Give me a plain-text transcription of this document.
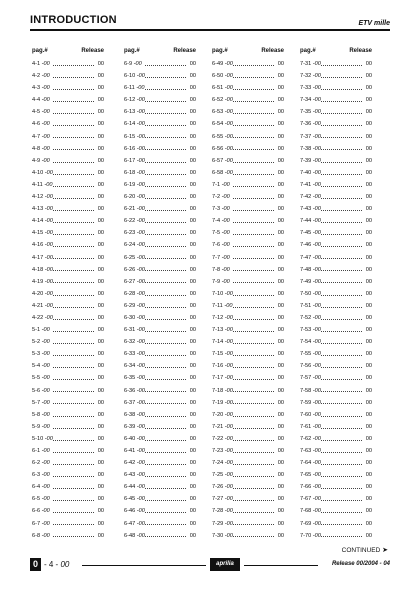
INTRODUCTION	ETV mille
pag.#	Release
4-1 -00	00
4-2 -00	00
4-3 -00	00
4-4 -00	00
4-5 -00	00
4-6 -00	00
4-7 -00	00
4-8 -00	00
4-9 -00	00
4-10 -00	00
4-11 -00	00
4-12 -00	00
4-13 -00	00
4-14 -00	00
4-15 -00	00
4-16 -00	00
4-17 -00	00
4-18 -00	00
4-19 -00	00
4-20 -00	00
4-21 -00	00
4-22 -00	00
5-1 -00	00
5-2 -00	00
5-3 -00	00
5-4 -00	00
5-5 -00	00
5-6 -00	00
5-7 -00	00
5-8 -00	00
5-9 -00	00
5-10 -00	00
6-1 -00	00
6-2 -00	00
6-3 -00	00
6-4 -00	00
6-5 -00	00
6-6 -00	00
6-7 -00	00
6-8 -00	00
pag.#	Release
6-9 -00	00
6-10 -00	00
6-11 -00	00
6-12 -00	00
6-13 -00	00
6-14 -00	00
6-15 -00	00
6-16 -00	00
6-17 -00	00
6-18 -00	00
6-19 -00	00
6-20 -00	00
6-21 -00	00
6-22 -00	00
6-23 -00	00
6-24 -00	00
6-25 -00	00
6-26 -00	00
6-27 -00	00
6-28 -00	00
6-29 -00	00
6-30 -00	00
6-31 -00	00
6-32 -00	00
6-33 -00	00
6-34 -00	00
6-35 -00	00
6-36 -00	00
6-37 -00	00
6-38 -00	00
6-39 -00	00
6-40 -00	00
6-41 -00	00
6-42 -00	00
6-43 -00	00
6-44 -00	00
6-45 -00	00
6-46 -00	00
6-47 -00	00
6-48 -00	00
pag.#	Release
6-49 -00	00
6-50 -00	00
6-51 -00	00
6-52 -00	00
6-53 -00	00
6-54 -00	00
6-55 -00	00
6-56 -00	00
6-57 -00	00
6-58 -00	00
7-1 -00	00
7-2 -00	00
7-3 -00	00
7-4 -00	00
7-5 -00	00
7-6 -00	00
7-7 -00	00
7-8 -00	00
7-9 -00	00
7-10 -00	00
7-11 -00	00
7-12 -00	00
7-13 -00	00
7-14 -00	00
7-15 -00	00
7-16 -00	00
7-17 -00	00
7-18 -00	00
7-19 -00	00
7-20 -00	00
7-21 -00	00
7-22 -00	00
7-23 -00	00
7-24 -00	00
7-25 -00	00
7-26 -00	00
7-27 -00	00
7-28 -00	00
7-29 -00	00
7-30 -00	00
pag.#	Release
7-31 -00	00
7-32 -00	00
7-33 -00	00
7-34 -00	00
7-35 -00	00
7-36 -00	00
7-37 -00	00
7-38 -00	00
7-39 -00	00
7-40 -00	00
7-41 -00	00
7-42 -00	00
7-43 -00	00
7-44 -00	00
7-45 -00	00
7-46 -00	00
7-47 -00	00
7-48 -00	00
7-49 -00	00
7-50 -00	00
7-51 -00	00
7-52 -00	00
7-53 -00	00
7-54 -00	00
7-55 -00	00
7-56 -00	00
7-57 -00	00
7-58 -00	00
7-59 -00	00
7-60 -00	00
7-61 -00	00
7-62 -00	00
7-63 -00	00
7-64 -00	00
7-65 -00	00
7-66 -00	00
7-67 -00	00
7-68 -00	00
7-69 -00	00
7-70 -00	00
CONTINUED ➤
0 - 4 - 00	aprilia	Release 00/2004 - 04
